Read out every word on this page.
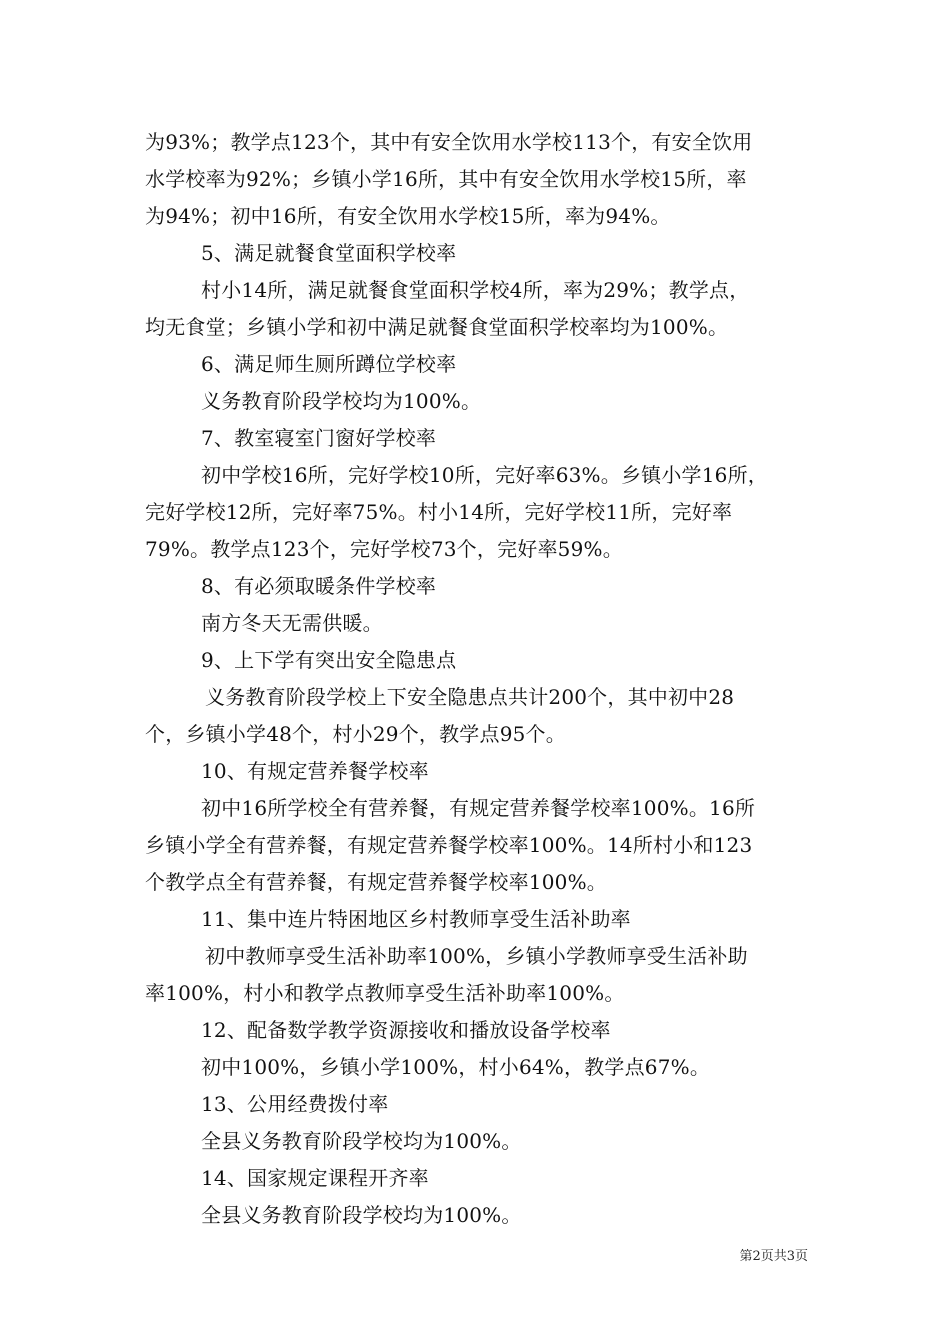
为93%；教学点123个，其中有安全饮用水学校113个，有安全饮用
水学校率为92%；乡镇小学16所，其中有安全饮用水学校15所，率
为94%；初中16所，有安全饮用水学校15所，率为94%。
5、满足就餐食堂面积学校率
村小14所，满足就餐食堂面积学校4所，率为29%；教学点，
均无食堂；乡镇小学和初中满足就餐食堂面积学校率均为100%。
6、满足师生厕所蹲位学校率
义务教育阶段学校均为100%。
7、教室寝室门窗好学校率
初中学校16所，完好学校10所，完好率63%。乡镇小学16所，
完好学校12所，完好率75%。村小14所，完好学校11所，完好率
79%。教学点123个，完好学校73个，完好率59%。
8、有必须取暖条件学校率
南方冬天无需供暖。
9、上下学有突出安全隐患点
义务教育阶段学校上下安全隐患点共计200个，其中初中28
个，乡镇小学48个，村小29个，教学点95个。
10、有规定营养餐学校率
初中16所学校全有营养餐，有规定营养餐学校率100%。16所
乡镇小学全有营养餐，有规定营养餐学校率100%。14所村小和123
个教学点全有营养餐，有规定营养餐学校率100%。
11、集中连片特困地区乡村教师享受生活补助率
初中教师享受生活补助率100%，乡镇小学教师享受生活补助
率100%，村小和教学点教师享受生活补助率100%。
12、配备数学教学资源接收和播放设备学校率
初中100%，乡镇小学100%，村小64%，教学点67%。
13、公用经费拨付率
全县义务教育阶段学校均为100%。
14、国家规定课程开齐率
全县义务教育阶段学校均为100%。
第2页共3页
